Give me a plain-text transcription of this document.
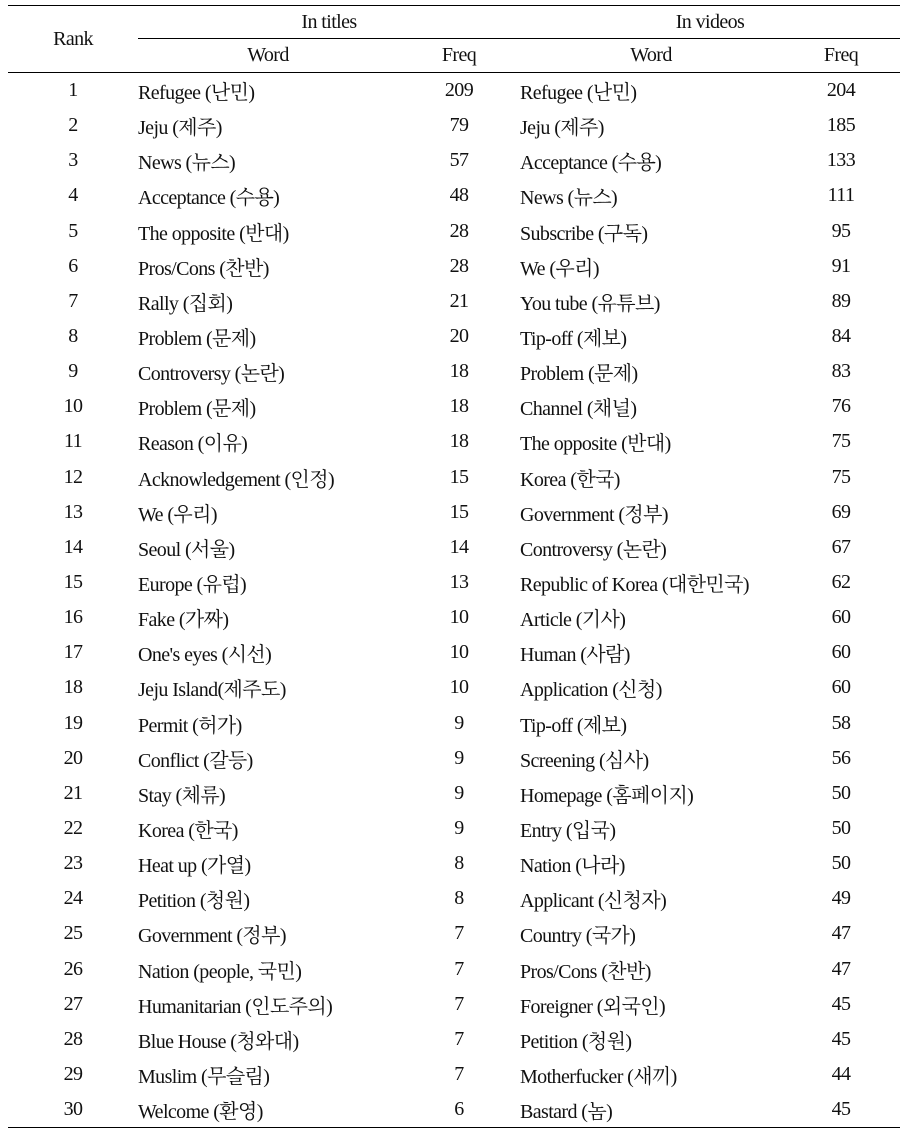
Rank	In titles		In videos	
	Word	Freq	Word	Freq
1	Refugee (난민)	209	Refugee (난민)	204
2	Jeju (제주)	79	Jeju (제주)	185
3	News (뉴스)	57	Acceptance (수용)	133
4	Acceptance (수용)	48	News (뉴스)	111
5	The opposite (반대)	28	Subscribe (구독)	95
6	Pros/Cons (찬반)	28	We (우리)	91
7	Rally (집회)	21	You tube (유튜브)	89
8	Problem (문제)	20	Tip-off (제보)	84
9	Controversy (논란)	18	Problem (문제)	83
10	Problem (문제)	18	Channel (채널)	76
11	Reason (이유)	18	The opposite (반대)	75
12	Acknowledgement (인정)	15	Korea (한국)	75
13	We (우리)	15	Government (정부)	69
14	Seoul (서울)	14	Controversy (논란)	67
15	Europe (유럽)	13	Republic of Korea (대한민국)	62
16	Fake (가짜)	10	Article (기사)	60
17	One's eyes (시선)	10	Human (사람)	60
18	Jeju Island(제주도)	10	Application (신청)	60
19	Permit (허가)	9	Tip-off (제보)	58
20	Conflict (갈등)	9	Screening (심사)	56
21	Stay (체류)	9	Homepage (홈페이지)	50
22	Korea (한국)	9	Entry (입국)	50
23	Heat up (가열)	8	Nation (나라)	50
24	Petition (청원)	8	Applicant (신청자)	49
25	Government (정부)	7	Country (국가)	47
26	Nation (people, 국민)	7	Pros/Cons (찬반)	47
27	Humanitarian (인도주의)	7	Foreigner (외국인)	45
28	Blue House (청와대)	7	Petition (청원)	45
29	Muslim (무슬림)	7	Motherfucker (새끼)	44
30	Welcome (환영)	6	Bastard (놈)	45
